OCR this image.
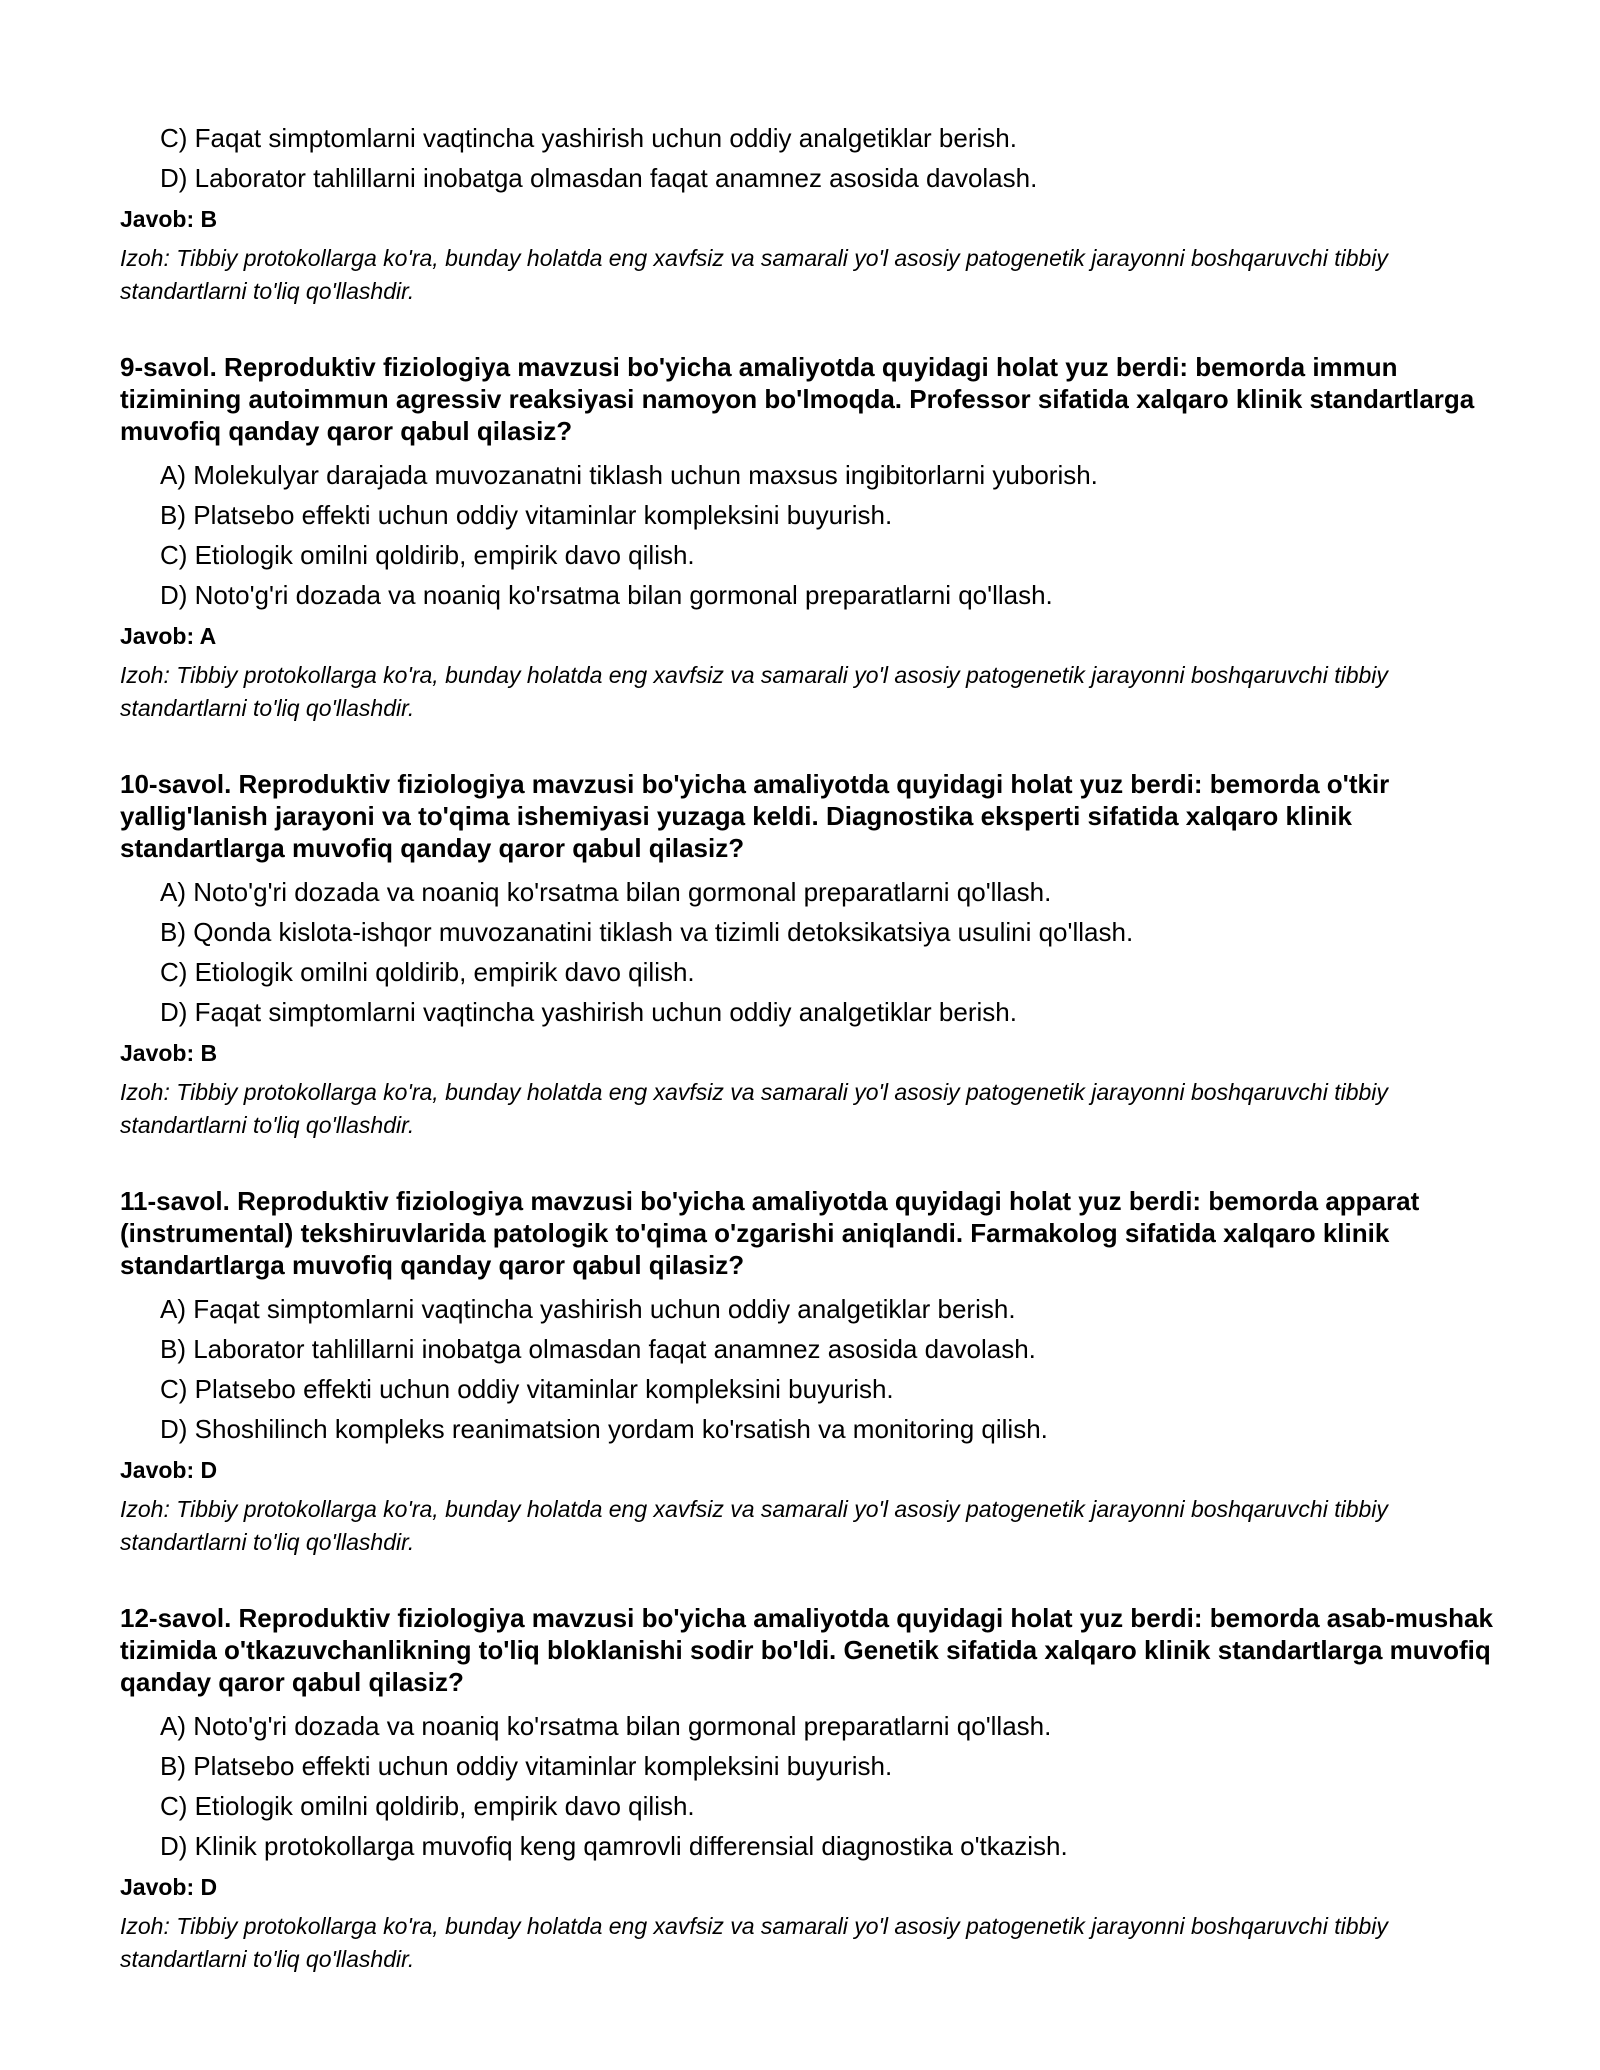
C) Faqat simptomlarni vaqtincha yashirish uchun oddiy analgetiklar berish.
D) Laborator tahlillarni inobatga olmasdan faqat anamnez asosida davolash.
Javob: B
Izoh: Tibbiy protokollarga ko'ra, bunday holatda eng xavfsiz va samarali yo'l asosiy patogenetik jarayonni boshqaruvchi tibbiy standartlarni to'liq qo'llashdir.
9-savol. Reproduktiv fiziologiya mavzusi bo'yicha amaliyotda quyidagi holat yuz berdi: bemorda immun tizimining autoimmun agressiv reaksiyasi namoyon bo'lmoqda. Professor sifatida xalqaro klinik standartlarga muvofiq qanday qaror qabul qilasiz?
A) Molekulyar darajada muvozanatni tiklash uchun maxsus ingibitorlarni yuborish.
B) Platsebo effekti uchun oddiy vitaminlar kompleksini buyurish.
C) Etiologik omilni qoldirib, empirik davo qilish.
D) Noto'g'ri dozada va noaniq ko'rsatma bilan gormonal preparatlarni qo'llash.
Javob: A
Izoh: Tibbiy protokollarga ko'ra, bunday holatda eng xavfsiz va samarali yo'l asosiy patogenetik jarayonni boshqaruvchi tibbiy standartlarni to'liq qo'llashdir.
10-savol. Reproduktiv fiziologiya mavzusi bo'yicha amaliyotda quyidagi holat yuz berdi: bemorda o'tkir yallig'lanish jarayoni va to'qima ishemiyasi yuzaga keldi. Diagnostika eksperti sifatida xalqaro klinik standartlarga muvofiq qanday qaror qabul qilasiz?
A) Noto'g'ri dozada va noaniq ko'rsatma bilan gormonal preparatlarni qo'llash.
B) Qonda kislota-ishqor muvozanatini tiklash va tizimli detoksikatsiya usulini qo'llash.
C) Etiologik omilni qoldirib, empirik davo qilish.
D) Faqat simptomlarni vaqtincha yashirish uchun oddiy analgetiklar berish.
Javob: B
Izoh: Tibbiy protokollarga ko'ra, bunday holatda eng xavfsiz va samarali yo'l asosiy patogenetik jarayonni boshqaruvchi tibbiy standartlarni to'liq qo'llashdir.
11-savol. Reproduktiv fiziologiya mavzusi bo'yicha amaliyotda quyidagi holat yuz berdi: bemorda apparat (instrumental) tekshiruvlarida patologik to'qima o'zgarishi aniqlandi. Farmakolog sifatida xalqaro klinik standartlarga muvofiq qanday qaror qabul qilasiz?
A) Faqat simptomlarni vaqtincha yashirish uchun oddiy analgetiklar berish.
B) Laborator tahlillarni inobatga olmasdan faqat anamnez asosida davolash.
C) Platsebo effekti uchun oddiy vitaminlar kompleksini buyurish.
D) Shoshilinch kompleks reanimatsion yordam ko'rsatish va monitoring qilish.
Javob: D
Izoh: Tibbiy protokollarga ko'ra, bunday holatda eng xavfsiz va samarali yo'l asosiy patogenetik jarayonni boshqaruvchi tibbiy standartlarni to'liq qo'llashdir.
12-savol. Reproduktiv fiziologiya mavzusi bo'yicha amaliyotda quyidagi holat yuz berdi: bemorda asab-mushak tizimida o'tkazuvchanlikning to'liq bloklanishi sodir bo'ldi. Genetik sifatida xalqaro klinik standartlarga muvofiq qanday qaror qabul qilasiz?
A) Noto'g'ri dozada va noaniq ko'rsatma bilan gormonal preparatlarni qo'llash.
B) Platsebo effekti uchun oddiy vitaminlar kompleksini buyurish.
C) Etiologik omilni qoldirib, empirik davo qilish.
D) Klinik protokollarga muvofiq keng qamrovli differensial diagnostika o'tkazish.
Javob: D
Izoh: Tibbiy protokollarga ko'ra, bunday holatda eng xavfsiz va samarali yo'l asosiy patogenetik jarayonni boshqaruvchi tibbiy standartlarni to'liq qo'llashdir.
